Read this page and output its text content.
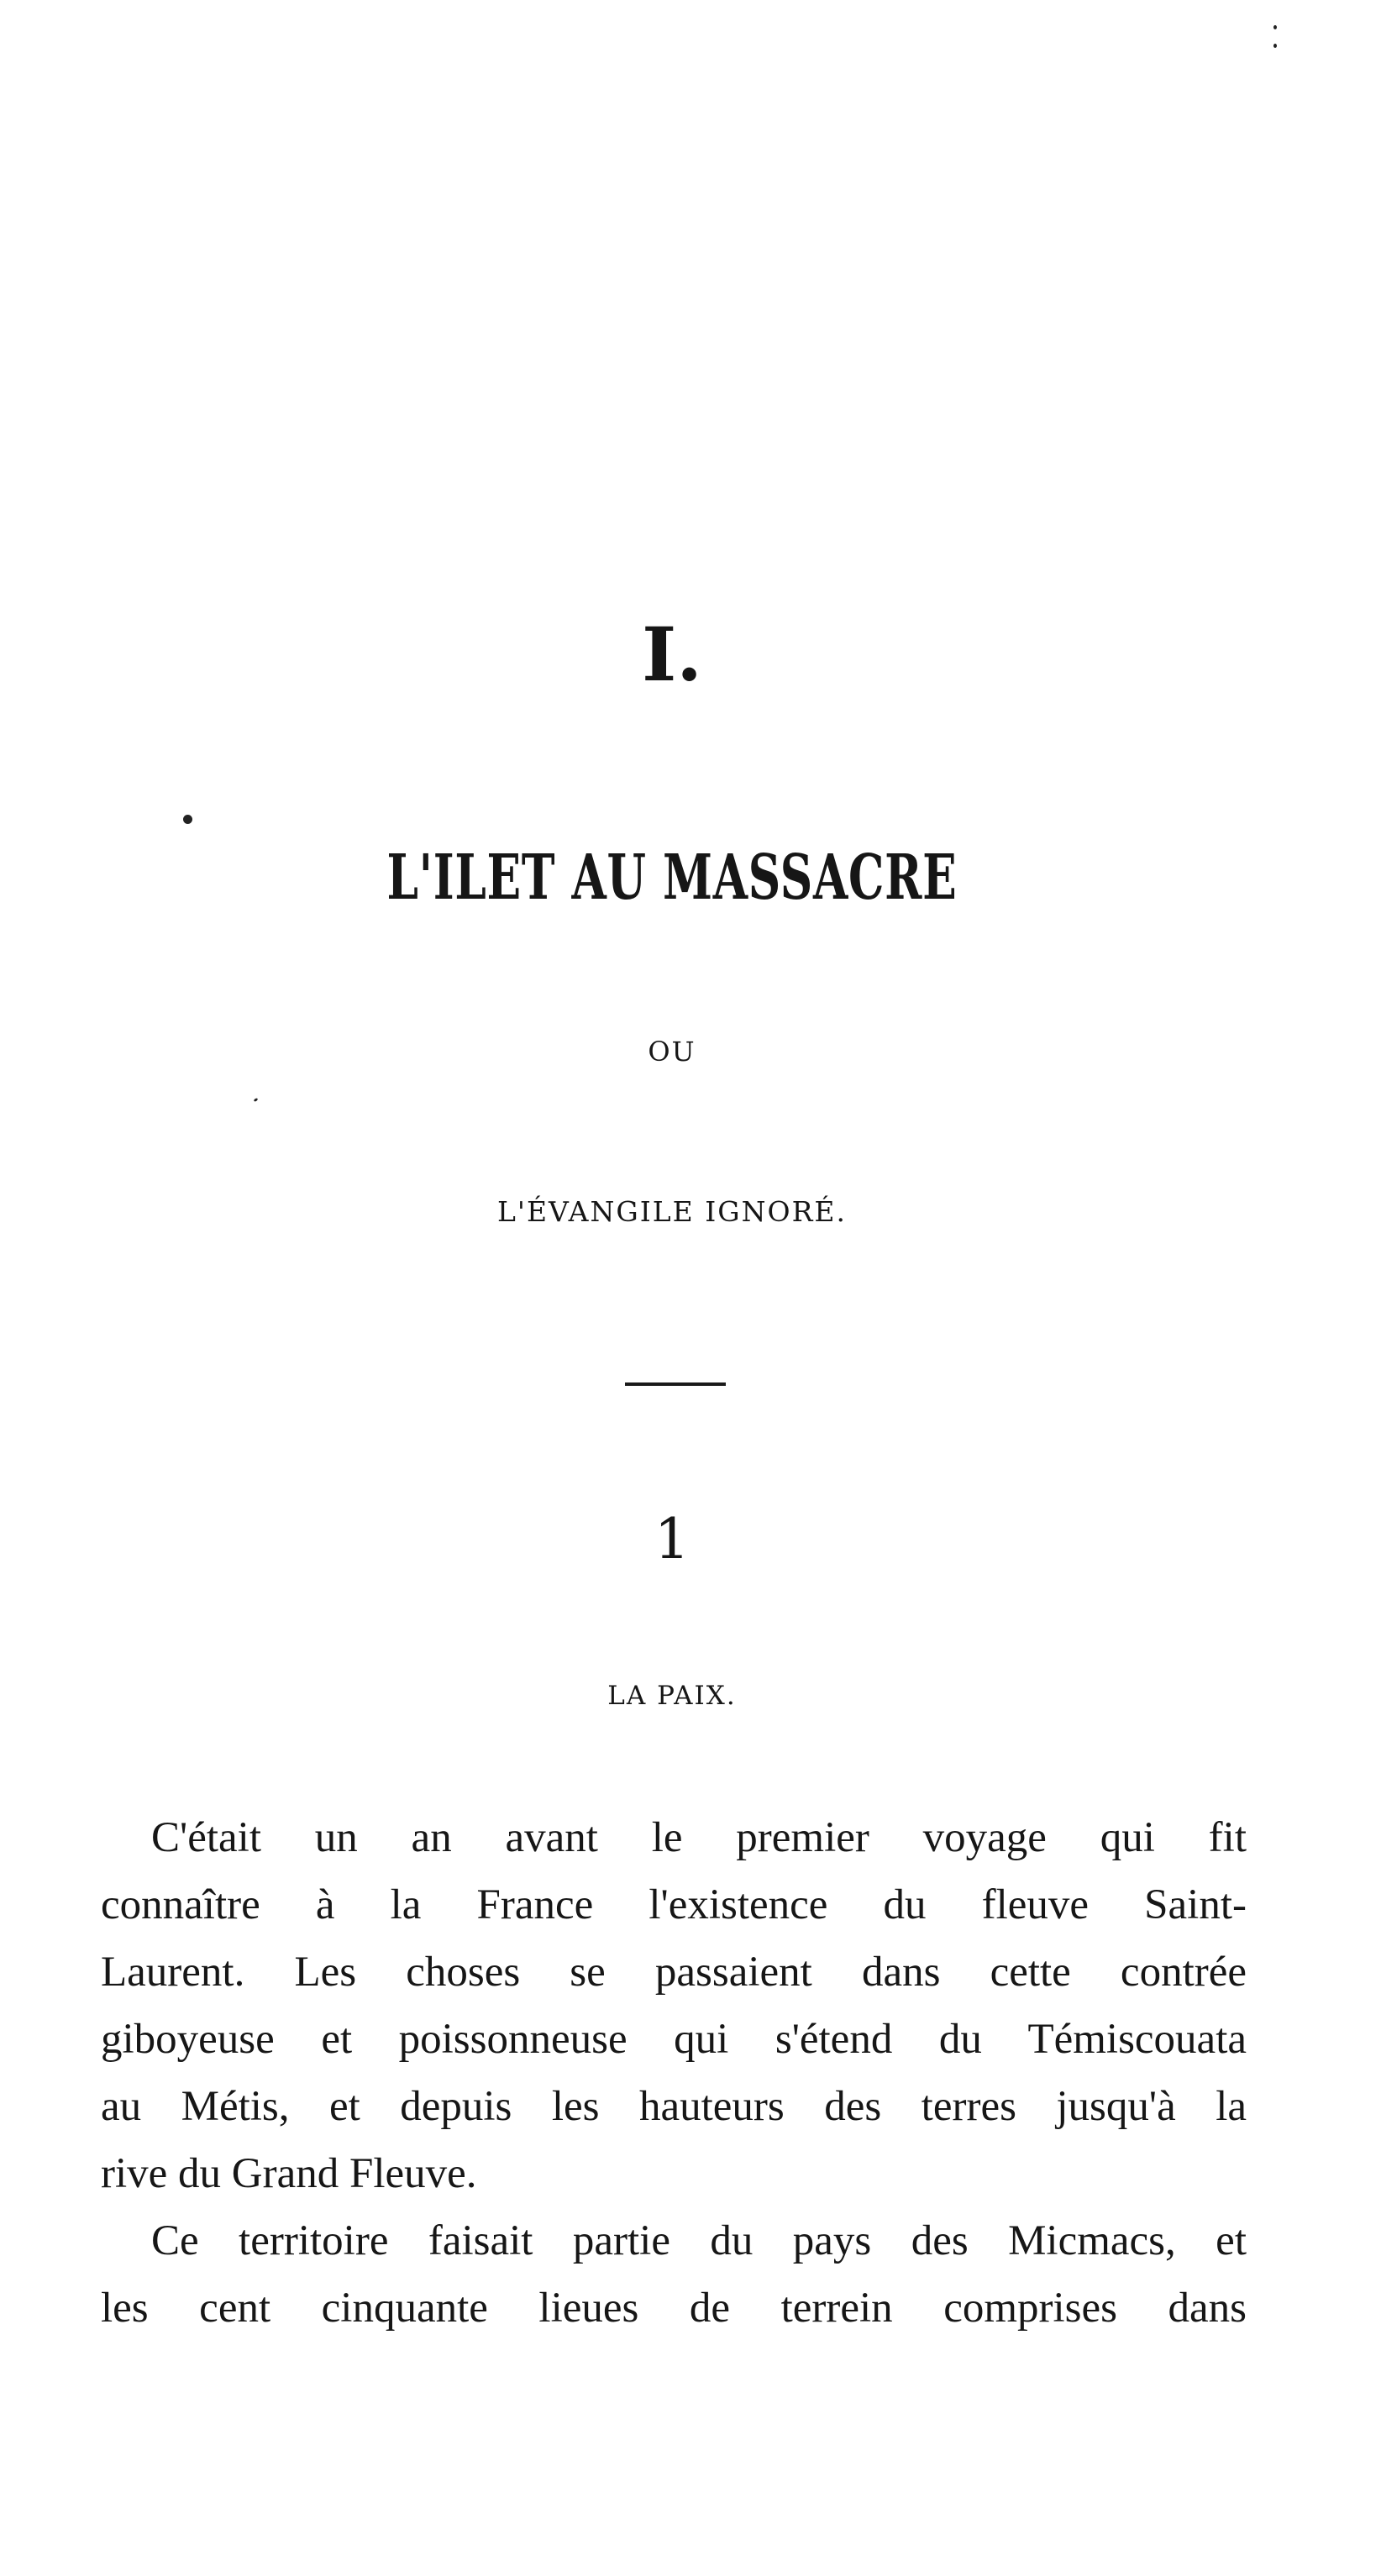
I.
L'ILET AU MASSACRE
OU
L'ÉVANGILE IGNORÉ.
1
LA PAIX.
C'était un an avant le premier voyage qui fit
connaître à la France l'existence du fleuve Saint-
Laurent. Les choses se passaient dans cette contrée
giboyeuse et poissonneuse qui s'étend du Témiscouata
au Métis, et depuis les hauteurs des terres jusqu'à la
rive du Grand Fleuve.
Ce territoire faisait partie du pays des Micmacs, et
les cent cinquante lieues de terrein comprises dans
